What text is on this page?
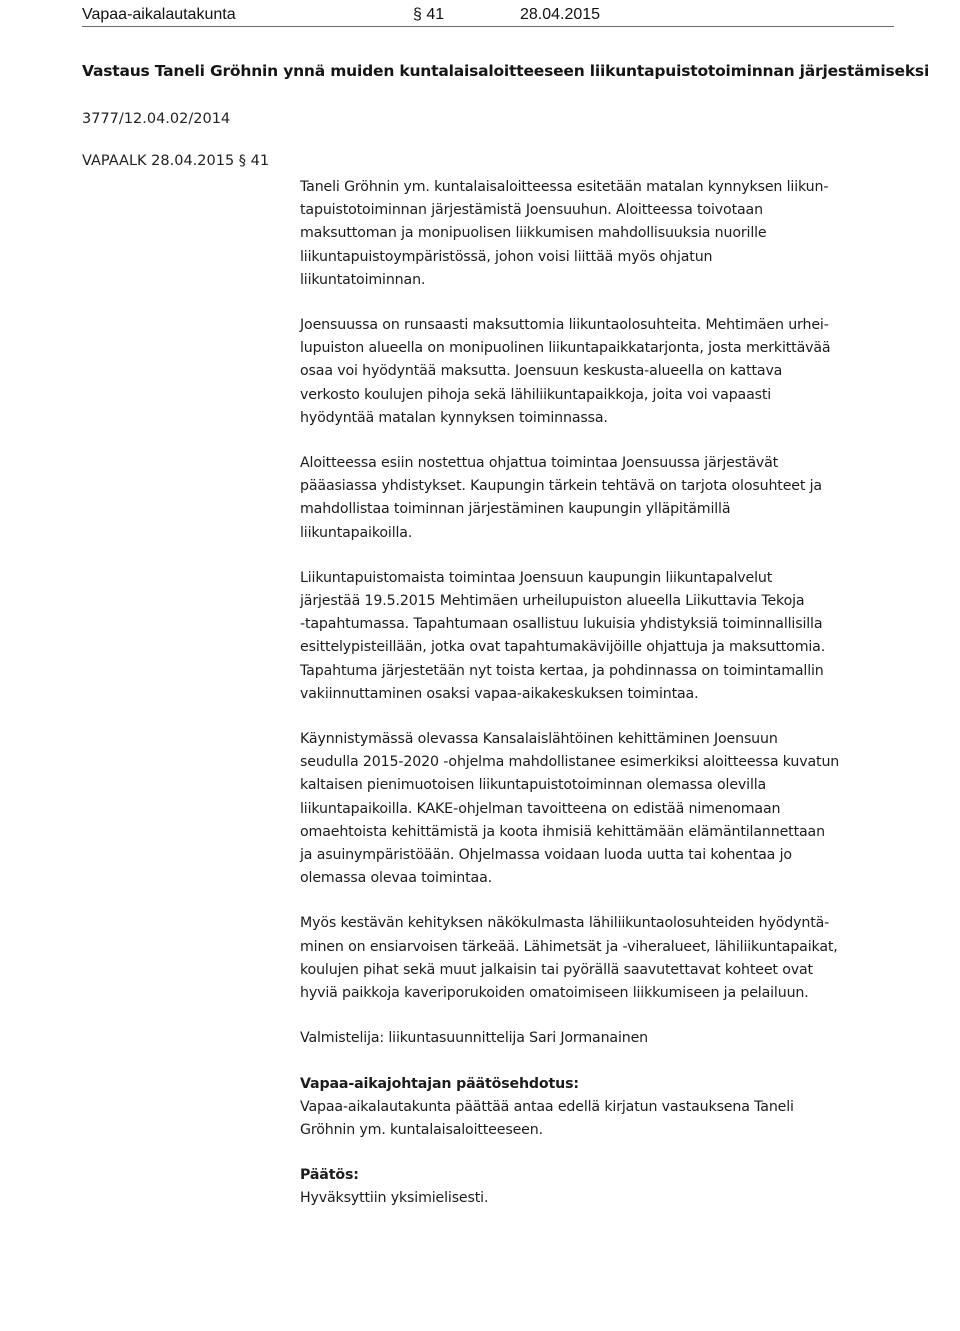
Vapaa-aikalautakunta	§ 41	28.04.2015
Vastaus Taneli Gröhnin ynnä muiden kuntalaisaloitteeseen liikuntapuistotoiminnan järjestämiseksi
3777/12.04.02/2014
VAPAALK 28.04.2015 § 41
Taneli Gröhnin ym. kuntalaisaloitteessa esitetään matalan kynnyksen liikun-
tapuistotoiminnan järjestämistä Joensuuhun. Aloitteessa toivotaan
maksuttoman ja monipuolisen liikkumisen mahdollisuuksia nuorille
liikuntapuistoympäristössä, johon voisi liittää myös ohjatun
liikuntatoiminnan.
Joensuussa on runsaasti maksuttomia liikuntaolosuhteita. Mehtimäen urhei-
lupuiston alueella on monipuolinen liikuntapaikkatarjonta, josta merkittävää
osaa voi hyödyntää maksutta. Joensuun keskusta-alueella on kattava
verkosto koulujen pihoja sekä lähiliikuntapaikkoja, joita voi vapaasti
hyödyntää matalan kynnyksen toiminnassa.
Aloitteessa esiin nostettua ohjattua toimintaa Joensuussa järjestävät
pääasiassa yhdistykset. Kaupungin tärkein tehtävä on tarjota olosuhteet ja
mahdollistaa toiminnan järjestäminen kaupungin ylläpitämillä
liikuntapaikoilla.
Liikuntapuistomaista toimintaa Joensuun kaupungin liikuntapalvelut
järjestää 19.5.2015 Mehtimäen urheilupuiston alueella Liikuttavia Tekoja
-tapahtumassa. Tapahtumaan osallistuu lukuisia yhdistyksiä toiminnallisilla
esittelypisteillään, jotka ovat tapahtumakävijöille ohjattuja ja maksuttomia.
Tapahtuma järjestetään nyt toista kertaa, ja pohdinnassa on toimintamallin
vakiinnuttaminen osaksi vapaa-aikakeskuksen toimintaa.
Käynnistymässä olevassa Kansalaislähtöinen kehittäminen Joensuun
seudulla 2015-2020 -ohjelma mahdollistanee esimerkiksi aloitteessa kuvatun
kaltaisen pienimuotoisen liikuntapuistotoiminnan olemassa olevilla
liikuntapaikoilla. KAKE-ohjelman tavoitteena on edistää nimenomaan
omaehtoista kehittämistä ja koota ihmisiä kehittämään elämäntilannettaan
ja asuinympäristöään. Ohjelmassa voidaan luoda uutta tai kohentaa jo
olemassa olevaa toimintaa.
Myös kestävän kehityksen näkökulmasta lähiliikuntaolosuhteiden hyödyntä-
minen on ensiarvoisen tärkeää. Lähimetsät ja -viheralueet, lähiliikuntapaikat,
koulujen pihat sekä muut jalkaisin tai pyörällä saavutettavat kohteet ovat
hyviä paikkoja kaveriporukoiden omatoimiseen liikkumiseen ja pelailuun.
Valmistelija: liikuntasuunnittelija Sari Jormanainen
Vapaa-aikajohtajan päätösehdotus:
Vapaa-aikalautakunta päättää antaa edellä kirjatun vastauksena Taneli
Gröhnin ym. kuntalaisaloitteeseen.
Päätös:
Hyväksyttiin yksimielisesti.
